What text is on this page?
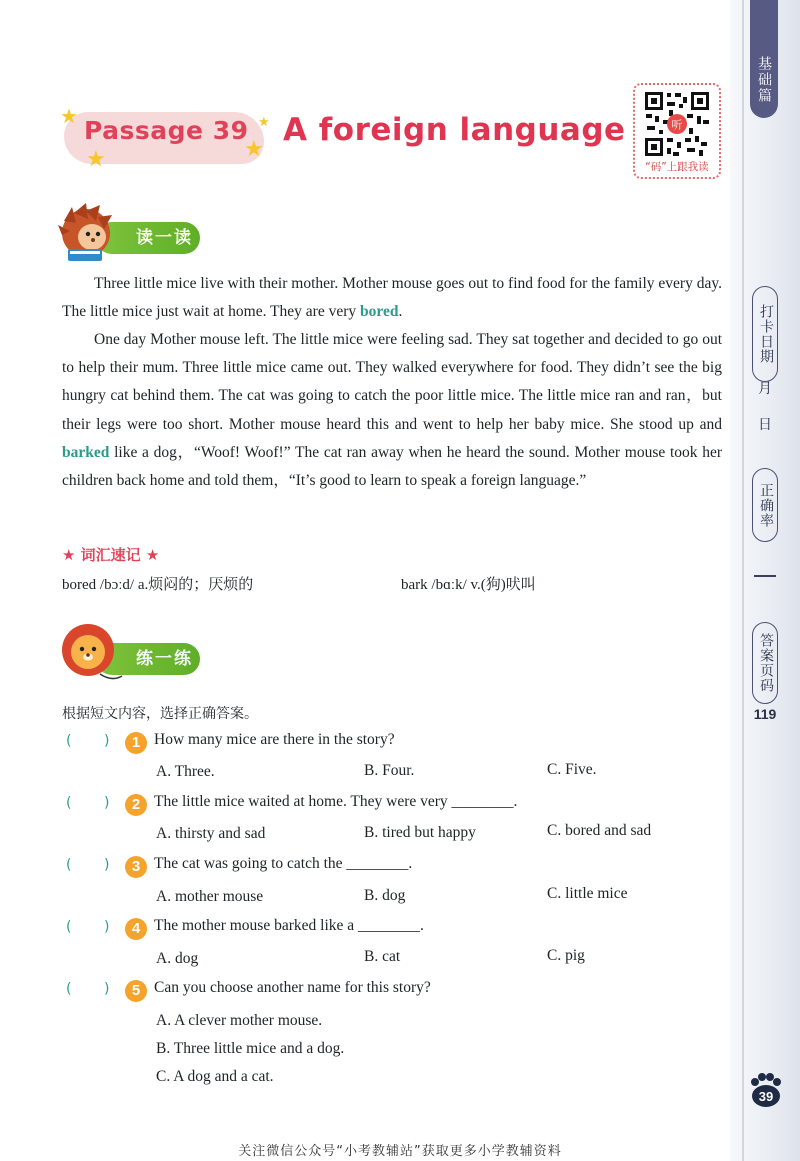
基础篇
打卡日期
月
日
正确率
答案页码
119
★
★	★
★
Passage 39 A foreign language	听
“码”上跟我读
读一读
Three little mice live with their mother. Mother mouse goes out to find food for the family every day. The little mice just wait at home. They are very bored.
One day Mother mouse left. The little mice were feeling sad. They sat together and decided to go out to help their mum. Three little mice came out. They walked everywhere for food. They didn’t see the big hungry cat behind them. The cat was going to catch the poor little mice. The little mice ran and ran，but their legs were too short. Mother mouse heard this and went to help her baby mice. She stood up and barked like a dog，“Woof! Woof!” The cat ran away when he heard the sound. Mother mouse took her children back home and told them，“It’s good to learn to speak a foreign language.”
★ 词汇速记 ★
bored /bɔːd/ a.烦闷的；厌烦的	bark /bɑːk/ v.(狗)吠叫
练一练
根据短文内容，选择正确答案。
( )	1 How many mice are there in the story?
A. Three.	B. Four.	C. Five.
( )	2 The little mice waited at home. They were very ________.
A. thirsty and sad	B. tired but happy	C. bored and sad
( )	3 The cat was going to catch the ________.
A. mother mouse	B. dog	C. little mice
( )	4 The mother mouse barked like a ________.
A. dog	B. cat	C. pig
( )	5 Can you choose another name for this story?
A. A clever mother mouse.
B. Three little mice and a dog.
C. A dog and a cat.
39
关注微信公众号“小考教辅站”获取更多小学教辅资料
